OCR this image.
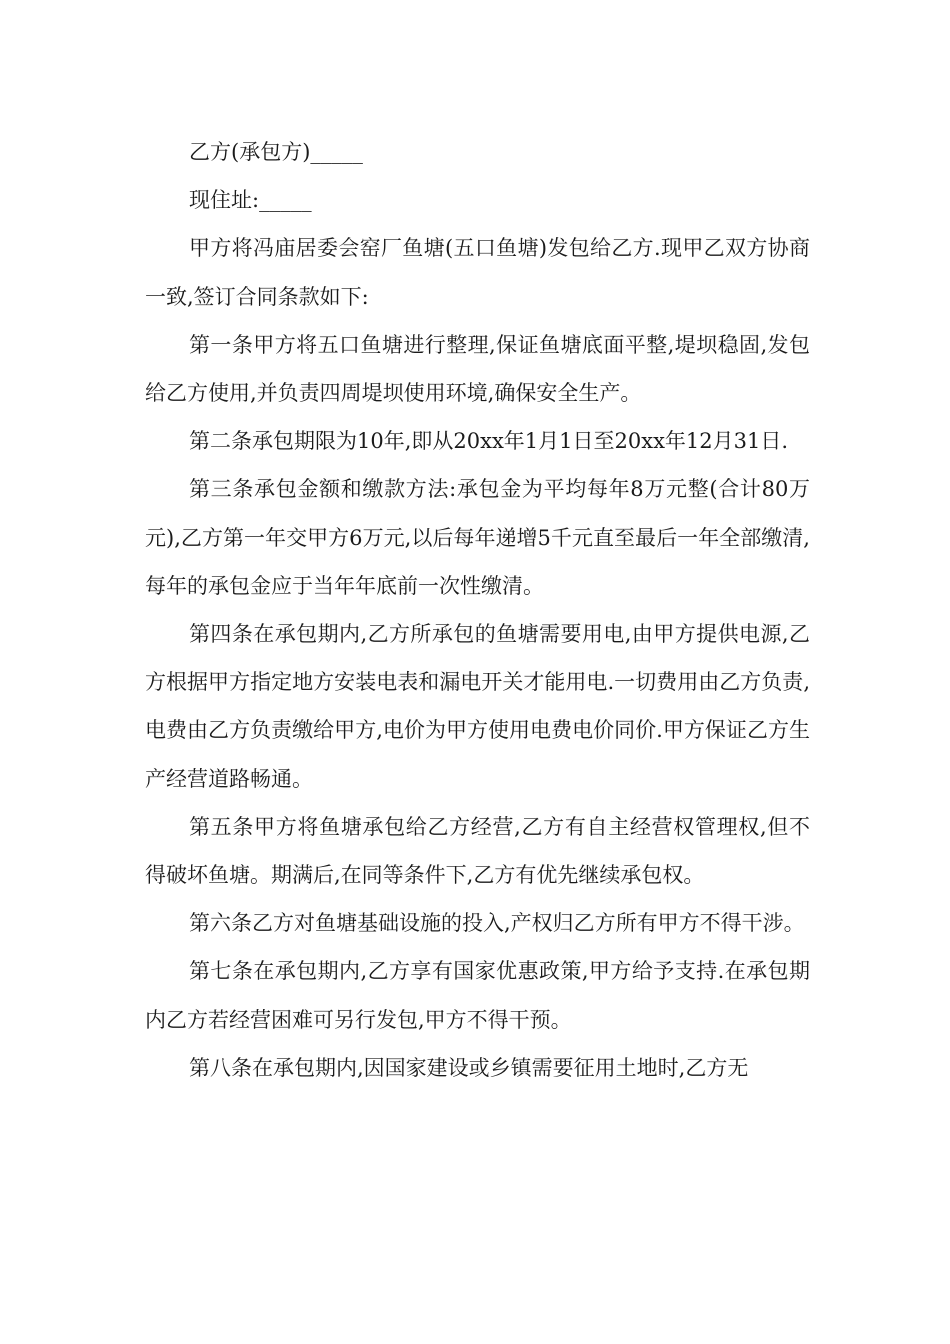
乙方(承包方)_____

现住址:_____

甲方将冯庙居委会窑厂鱼塘(五口鱼塘)发包给乙方.现甲乙双方协商一致,签订合同条款如下:

第一条甲方将五口鱼塘进行整理,保证鱼塘底面平整,堤坝稳固,发包给乙方使用,并负责四周堤坝使用环境,确保安全生产。

第二条承包期限为10年,即从20xx年1月1日至20xx年12月31日.

第三条承包金额和缴款方法:承包金为平均每年8万元整(合计80万元),乙方第一年交甲方6万元,以后每年递增5千元直至最后一年全部缴清,每年的承包金应于当年年底前一次性缴清。

第四条在承包期内,乙方所承包的鱼塘需要用电,由甲方提供电源,乙方根据甲方指定地方安装电表和漏电开关才能用电.一切费用由乙方负责,电费由乙方负责缴给甲方,电价为甲方使用电费电价同价.甲方保证乙方生产经营道路畅通。

第五条甲方将鱼塘承包给乙方经营,乙方有自主经营权管理权,但不得破坏鱼塘。期满后,在同等条件下,乙方有优先继续承包权。

第六条乙方对鱼塘基础设施的投入,产权归乙方所有甲方不得干涉。

第七条在承包期内,乙方享有国家优惠政策,甲方给予支持.在承包期内乙方若经营困难可另行发包,甲方不得干预。

第八条在承包期内,因国家建设或乡镇需要征用土地时,乙方无
